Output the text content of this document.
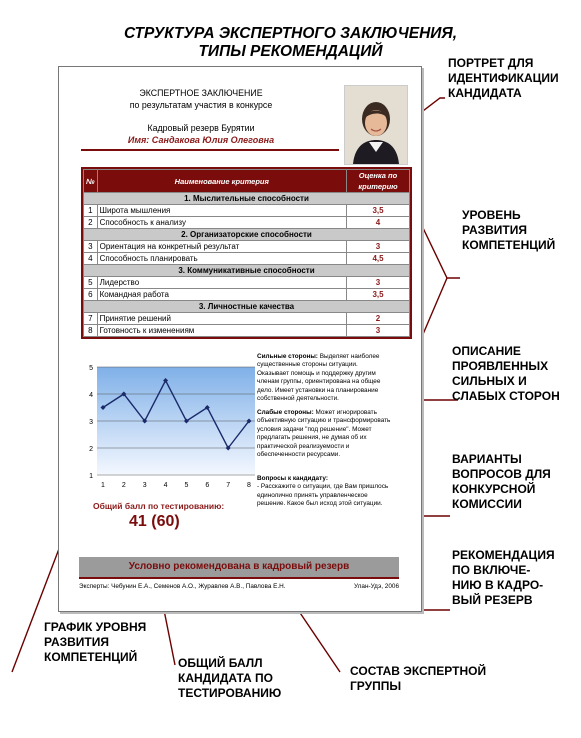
СТРУКТУРА ЭКСПЕРТНОГО ЗАКЛЮЧЕНИЯ,
ТИПЫ РЕКОМЕНДАЦИЙ
ПОРТРЕТ ДЛЯ ИДЕНТИФИКАЦИИ КАНДИДАТА
УРОВЕНЬ РАЗВИТИЯ КОМПЕТЕНЦИЙ
ОПИСАНИЕ ПРОЯВЛЕННЫХ СИЛЬНЫХ И СЛАБЫХ СТОРОН
ВАРИАНТЫ ВОПРОСОВ ДЛЯ КОНКУРСНОЙ КОМИССИИ
РЕКОМЕНДАЦИЯ ПО ВКЛЮЧЕ- НИЮ В КАДРО- ВЫЙ РЕЗЕРВ
ГРАФИК УРОВНЯ РАЗВИТИЯ КОМПЕТЕНЦИЙ	ОБЩИЙ БАЛЛ КАНДИДАТА ПО ТЕСТИРОВАНИЮ
СОСТАВ ЭКСПЕРТНОЙ ГРУППЫ
ЭКСПЕРТНОЕ ЗАКЛЮЧЕНИЕ
по результатам участия в конкурсе
Кадровый резерв Бурятии
Имя: Сандакова Юлия Олеговна
№	Наименование критерия	Оценка по критерию
1. Мыслительные способности		
1	Широта мышления	3,5
2	Способность к анализу	4
2. Организаторские способности		
3	Ориентация на конкретный результат	3
4	Способность планировать	4,5
3. Коммуникативные способности		
5	Лидерство	3
6	Командная работа	3,5
3. Личностные качества		
7	Принятие решений	2
8	Готовность к изменениям	3
1
2
3
4
5
1 2 3 4 5 6 7 8
Сильные стороны: Выделяет наиболее существенные стороны ситуации. Оказывает помощь и поддержку другим членам группы, ориентирована на общее дело. Имеет установки на планирование собственной деятельности.
Слабые стороны: Может игнорировать объективную ситуацию и трансформировать условия задачи "под решение". Может предлагать решения, не думая об их практической реализуемости и обеспеченности ресурсами.
Вопросы к кандидату:
- Расскажите о ситуации, где Вам пришлось единолично принять управленческое решение. Какое был исход этой ситуации.
Общий балл по тестированию:
41 (60)
Условно рекомендована в кадровый резерв
Эксперты: Чебунин Е.А., Семенов А.О., Журавлев А.В., Павлова Е.Н.	Улан-Удэ, 2006
